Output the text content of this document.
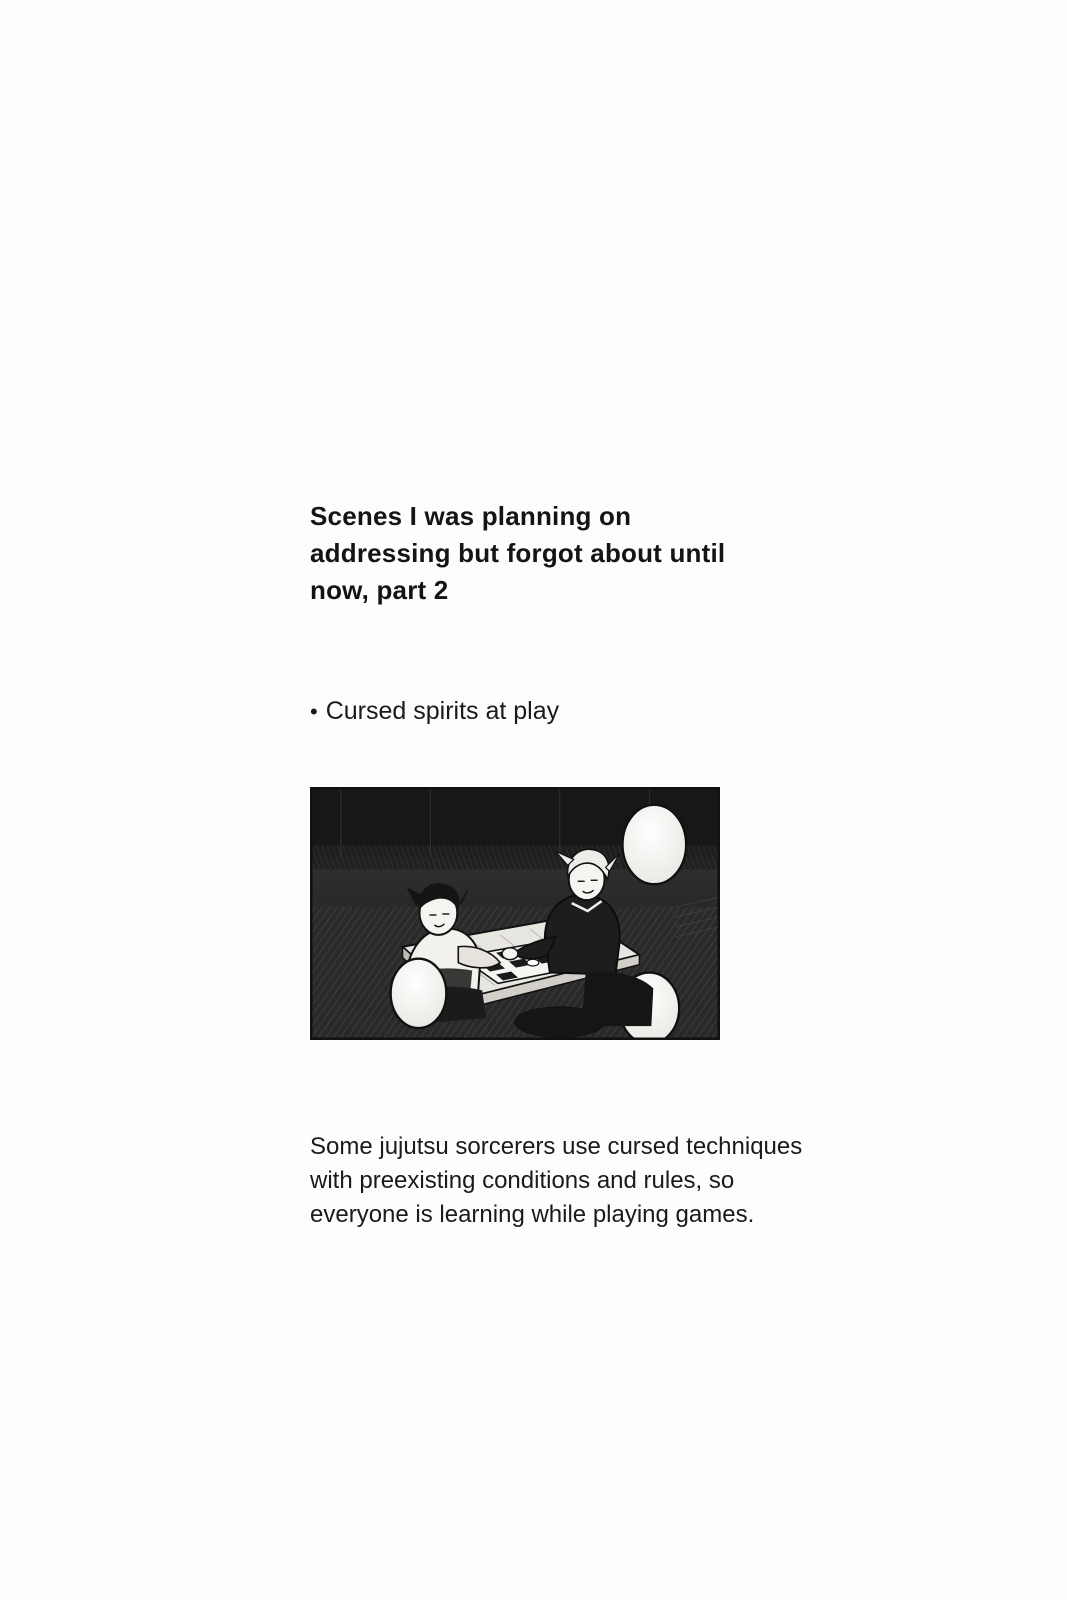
Scenes I was planning on addressing but forgot about until now, part 2
• Cursed spirits at play

Some jujutsu sorcerers use cursed techniques with preexisting conditions and rules, so everyone is learning while playing games.
